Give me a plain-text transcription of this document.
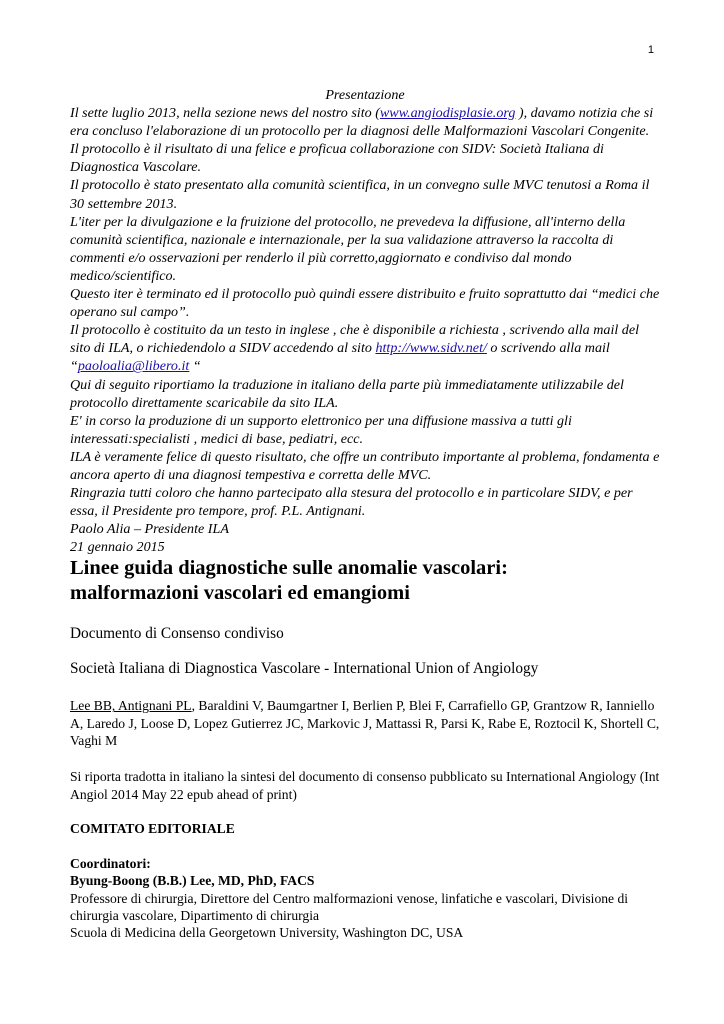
1

Presentazione

Il sette luglio 2013, nella sezione news del nostro sito (www.angiodisplasie.org ), davamo notizia che si era concluso l'elaborazione di un protocollo per la diagnosi delle Malformazioni Vascolari Congenite.

Il protocollo è il risultato di una felice e proficua collaborazione con SIDV: Società Italiana di Diagnostica Vascolare.

Il protocollo è stato presentato alla comunità scientifica, in un convegno sulle MVC tenutosi a Roma il 30 settembre 2013.

L'iter per la divulgazione e la fruizione del protocollo, ne prevedeva la diffusione, all'interno della comunità scientifica, nazionale e internazionale, per la sua validazione attraverso la raccolta di commenti e/o osservazioni per renderlo il più corretto,aggiornato e condiviso dal mondo medico/scientifico.

Questo iter è terminato ed il protocollo può quindi essere distribuito e fruito soprattutto dai “medici che operano sul campo”.

Il protocollo è costituito da un testo in inglese , che è disponibile a richiesta , scrivendo alla mail del sito di ILA, o richiedendolo a SIDV accedendo al sito http://www.sidv.net/ o scrivendo alla mail “paoloalia@libero.it “

Qui di seguito riportiamo la traduzione in italiano della parte più immediatamente utilizzabile del protocollo direttamente scaricabile da sito ILA.

E' in corso la produzione di un supporto elettronico per una diffusione massiva a tutti gli interessati:specialisti , medici di base, pediatri, ecc.

ILA è veramente felice di questo risultato, che offre un contributo importante al problema, fondamenta e ancora aperto di una diagnosi tempestiva e corretta delle MVC.

Ringrazia tutti coloro che hanno partecipato alla stesura del protocollo e in particolare SIDV, e per essa, il Presidente pro tempore, prof. P.L. Antignani.

Paolo Alia – Presidente ILA

21 gennaio 2015

Linee guida diagnostiche sulle anomalie vascolari:
malformazioni vascolari ed emangiomi

Documento di Consenso condiviso

Società Italiana di Diagnostica Vascolare - International Union of Angiology

Lee BB, Antignani PL, Baraldini V, Baumgartner I, Berlien P, Blei F, Carrafiello GP, Grantzow R, Ianniello A, Laredo J, Loose D, Lopez Gutierrez JC, Markovic J, Mattassi R, Parsi K, Rabe E, Roztocil K, Shortell C, Vaghi M

Si riporta tradotta in italiano la sintesi del documento di consenso pubblicato su International Angiology (Int Angiol 2014 May 22 epub ahead of print)

COMITATO EDITORIALE

Coordinatori:
Byung-Boong (B.B.) Lee, MD, PhD, FACS
Professore di chirurgia, Direttore del Centro malformazioni venose, linfatiche e vascolari, Divisione di chirurgia vascolare, Dipartimento di chirurgia
Scuola di Medicina della Georgetown University, Washington DC, USA
